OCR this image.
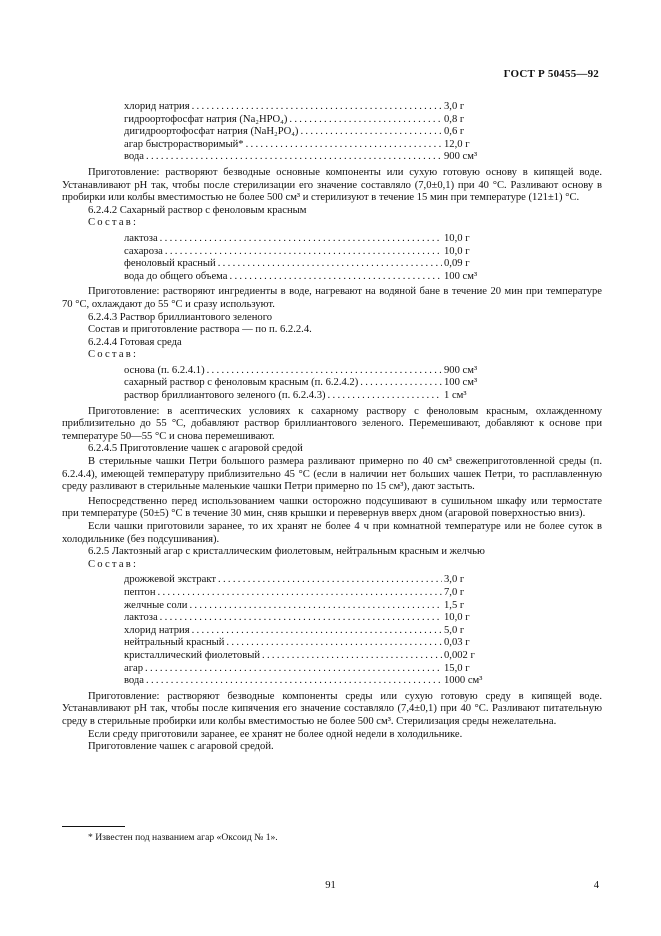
ГОСТ Р 50455—92
хлорид натрия .....	3,0 г
гидроортофосфат натрия (Na₂HPO₄) .....	0,8 г
дигидроортофосфат натрия (NaH₂PO₄) .....	0,6 г
агар быстрорастворимый* .....	12,0 г
вода .....	900 см³

Приготовление: растворяют безводные основные компоненты или сухую готовую основу в кипящей воде. Устанавливают pH так, чтобы после стерилизации его значение составляло (7,0±0,1) при 40 °С. Разливают основу в пробирки или колбы вместимостью не более 500 см³ и стерилизуют в течение 15 мин при температуре (121±1) °С.

6.2.4.2 Сахарный раствор с феноловым красным

Состав:

лактоза .....	10,0 г
сахароза .....	10,0 г
феноловый красный .....	0,09 г
вода до общего объема .....	100 см³

Приготовление: растворяют ингредиенты в воде, нагревают на водяной бане в течение 20 мин при температуре 70 °С, охлаждают до 55 °С и сразу используют.

6.2.4.3 Раствор бриллиантового зеленого

Состав и приготовление раствора — по п. 6.2.2.4.

6.2.4.4 Готовая среда

Состав:

основа (п. 6.2.4.1) .....	900 см³
сахарный раствор с феноловым красным (п. 6.2.4.2) .....	100 см³
раствор бриллиантового зеленого (п. 6.2.4.3) .....	1 см³

Приготовление: в асептических условиях к сахарному раствору с феноловым красным, охлажденному приблизительно до 55 °С, добавляют раствор бриллиантового зеленого. Перемешивают, добавляют к основе при температуре 50—55 °С и снова перемешивают.

6.2.4.5 Приготовление чашек с агаровой средой

В стерильные чашки Петри большого размера разливают примерно по 40 см³ свежеприготовленной среды (п. 6.2.4.4), имеющей температуру приблизительно 45 °С (если в наличии нет больших чашек Петри, то расплавленную среду разливают в стерильные маленькие чашки Петри примерно по 15 см³), дают застыть.

Непосредственно перед использованием чашки осторожно подсушивают в сушильном шкафу или термостате при температуре (50±5) °С в течение 30 мин, сняв крышки и перевернув вверх дном (агаровой поверхностью вниз).

Если чашки приготовили заранее, то их хранят не более 4 ч при комнатной температуре или не более суток в холодильнике (без подсушивания).

6.2.5 Лактозный агар с кристаллическим фиолетовым, нейтральным красным и желчью

Состав:

дрожжевой экстракт .....	3,0 г
пептон .....	7,0 г
желчные соли .....	1,5 г
лактоза .....	10,0 г
хлорид натрия .....	5,0 г
нейтральный красный .....	0,03 г
кристаллический фиолетовый .....	0,002 г
агар .....	15,0 г
вода .....	1000 см³

Приготовление: растворяют безводные компоненты среды или сухую готовую среду в кипящей воде. Устанавливают pH так, чтобы после кипячения его значение составляло (7,4±0,1) при 40 °С. Разливают питательную среду в стерильные пробирки или колбы вместимостью не более 500 см³. Стерилизация среды нежелательна.

Если среду приготовили заранее, ее хранят не более одной недели в холодильнике.

Приготовление чашек с агаровой средой.

* Известен под названием агар «Оксоид № 1».
91	4
